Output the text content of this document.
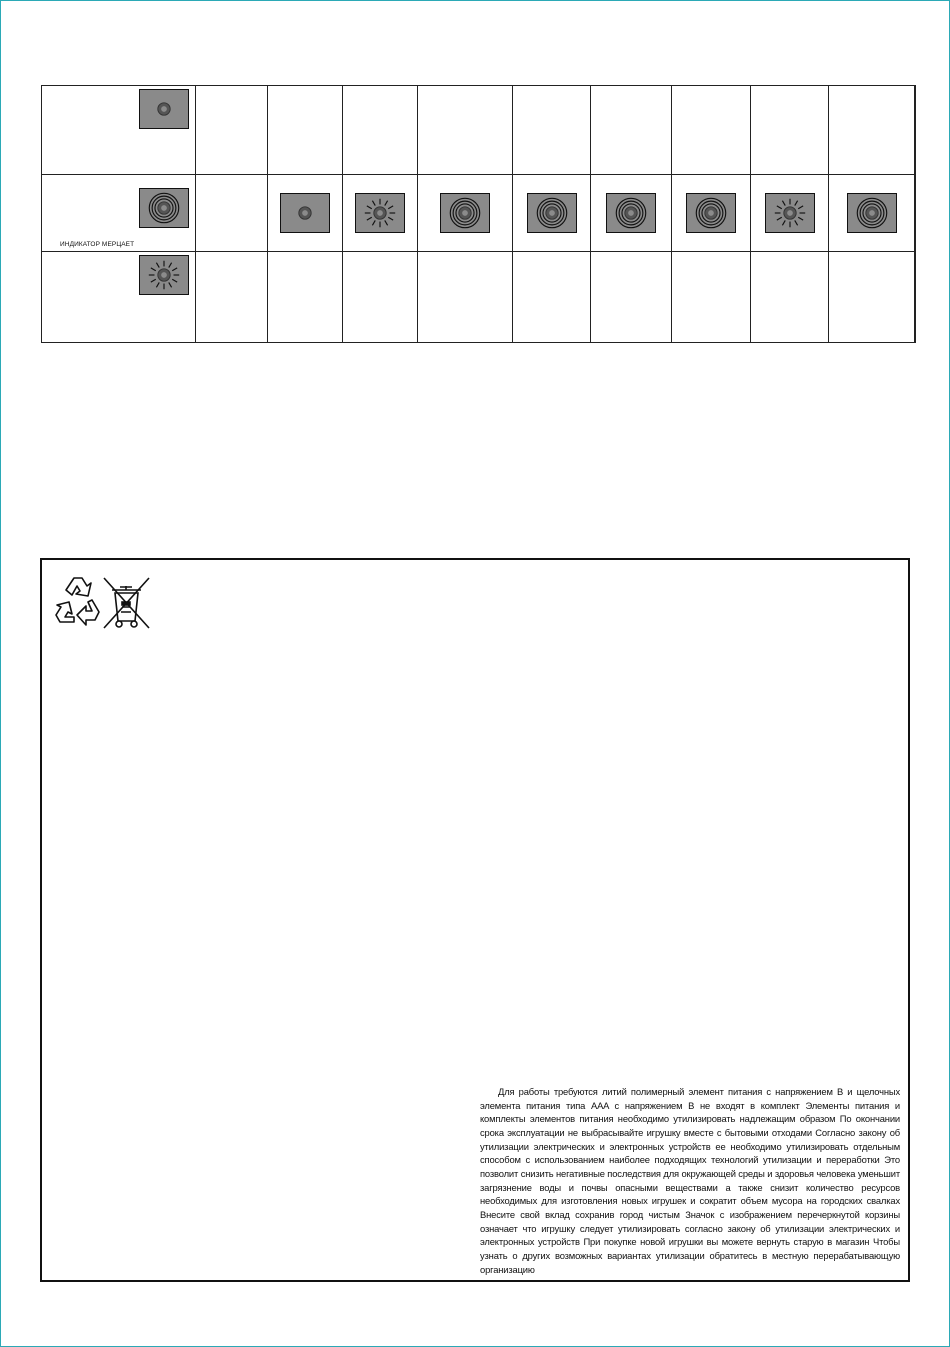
ИНДИКАТОР МЕРЦАЕТ

Для работы требуются литий полимерный элемент питания с напряжением В и щелочных элемента питания типа AAA с напряжением В не входят в комплект Элементы питания и комплекты элементов питания необходимо утилизировать надлежащим образом По окончании срока эксплуатации не выбрасывайте игрушку вместе с бытовыми отходами Согласно закону об утилизации электрических и электронных устройств ее необходимо утилизировать отдельным способом с использованием наиболее подходящих технологий утилизации и переработки Это позволит снизить негативные последствия для окружающей среды и здоровья человека уменьшит загрязнение воды и почвы опасными веществами а также снизит количество ресурсов необходимых для изготовления новых игрушек и сократит объем мусора на городских свалках Внесите свой вклад сохранив город чистым Значок с изображением перечеркнутой корзины означает что игрушку следует утилизировать согласно закону об утилизации электрических и электронных устройств При покупке новой игрушки вы можете вернуть старую в магазин Чтобы узнать о других возможных вариантах утилизации обратитесь в местную перерабатывающую организацию
